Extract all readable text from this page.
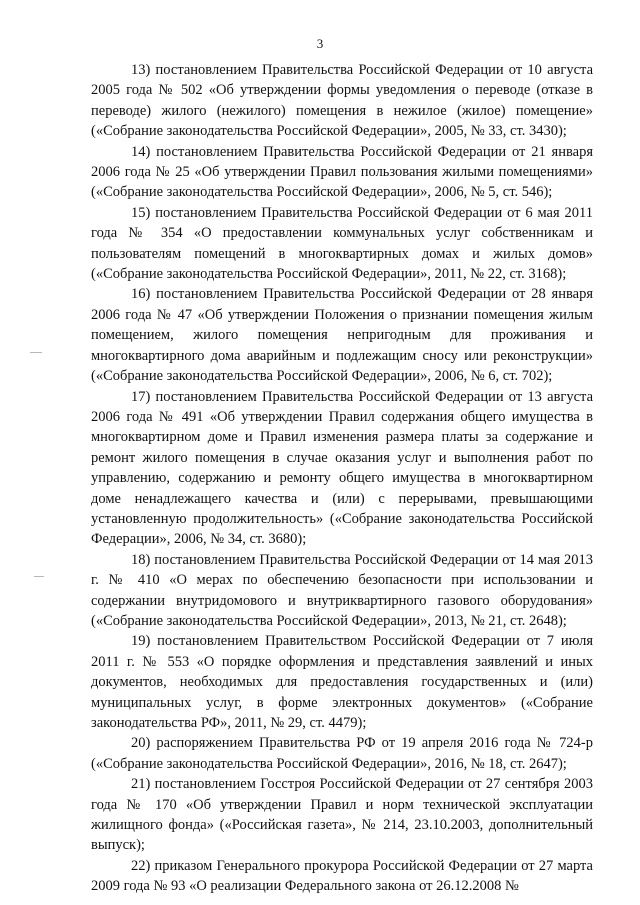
3

13) постановлением Правительства Российской Федерации от 10 августа 2005 года № 502 «Об утверждении формы уведомления о переводе (отказе в переводе) жилого (нежилого) помещения в нежилое (жилое) помещение» («Собрание законодательства Российской Федерации», 2005, № 33, ст. 3430);

14) постановлением Правительства Российской Федерации от 21 января 2006 года № 25 «Об утверждении Правил пользования жилыми помещениями» («Собрание законодательства Российской Федерации», 2006, № 5, ст. 546);

15) постановлением Правительства Российской Федерации от 6 мая 2011 года № 354 «О предоставлении коммунальных услуг собственникам и пользователям помещений в многоквартирных домах и жилых домов» («Собрание законодательства Российской Федерации», 2011, № 22, ст. 3168);

16) постановлением Правительства Российской Федерации от 28 января 2006 года № 47 «Об утверждении Положения о признании помещения жилым помещением, жилого помещения непригодным для проживания и многоквартирного дома аварийным и подлежащим сносу или реконструкции» («Собрание законодательства Российской Федерации», 2006, № 6, ст. 702);

17) постановлением Правительства Российской Федерации от 13 августа 2006 года № 491 «Об утверждении Правил содержания общего имущества в многоквартирном доме и Правил изменения размера платы за содержание и ремонт жилого помещения в случае оказания услуг и выполнения работ по управлению, содержанию и ремонту общего имущества в многоквартирном доме ненадлежащего качества и (или) с перерывами, превышающими установленную продолжительность» («Собрание законодательства Российской Федерации», 2006, № 34, ст. 3680);

18) постановлением Правительства Российской Федерации от 14 мая 2013 г. № 410 «О мерах по обеспечению безопасности при использовании и содержании внутридомового и внутриквартирного газового оборудования» («Собрание законодательства Российской Федерации», 2013, № 21, ст. 2648);

19) постановлением Правительством Российской Федерации от 7 июля 2011 г. № 553 «О порядке оформления и представления заявлений и иных документов, необходимых для предоставления государственных и (или) муниципальных услуг, в форме электронных документов» («Собрание законодательства РФ», 2011, № 29, ст. 4479);

20) распоряжением Правительства РФ от 19 апреля 2016 года № 724-р («Собрание законодательства Российской Федерации», 2016, № 18, ст. 2647);

21) постановлением Госстроя Российской Федерации от 27 сентября 2003 года № 170 «Об утверждении Правил и норм технической эксплуатации жилищного фонда» («Российская газета», № 214, 23.10.2003, дополнительный выпуск);

22) приказом Генерального прокурора Российской Федерации от 27 марта 2009 года № 93 «О реализации Федерального закона от 26.12.2008 №
